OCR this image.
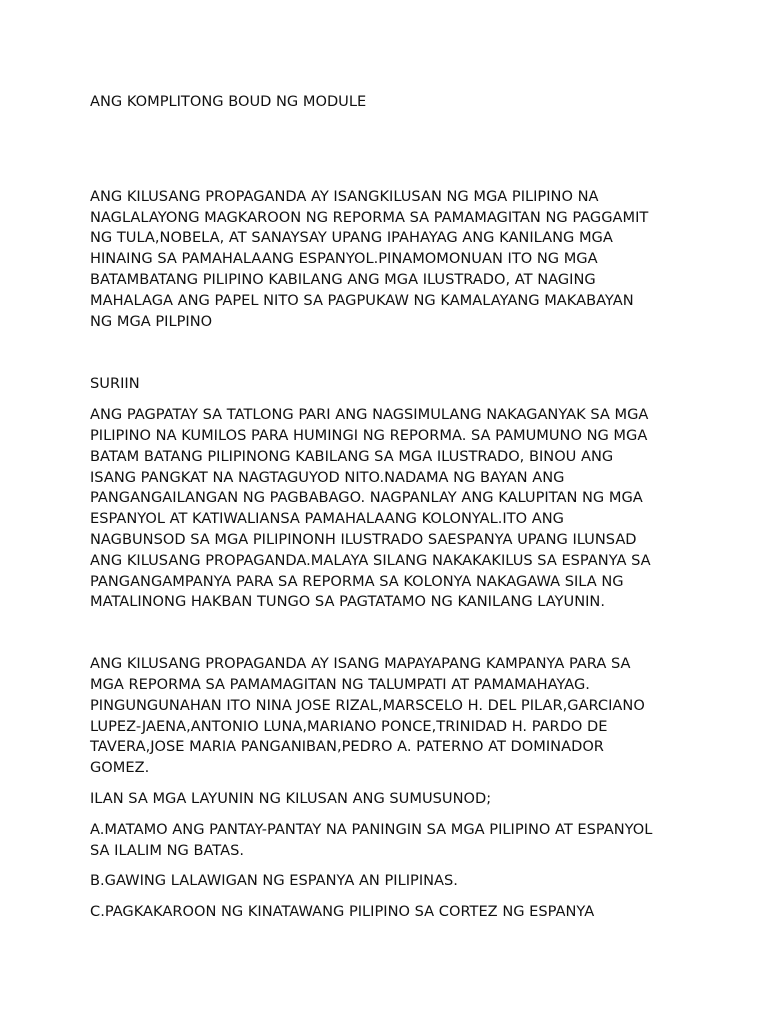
ANG KOMPLITONG BOUD NG MODULE

ANG KILUSANG PROPAGANDA AY ISANGKILUSAN NG MGA PILIPINO NA
NAGLALAYONG MAGKAROON NG REPORMA SA PAMAMAGITAN NG PAGGAMIT
NG TULA,NOBELA, AT SANAYSAY UPANG IPAHAYAG ANG KANILANG MGA
HINAING SA PAMAHALAANG ESPANYOL.PINAMOMONUAN ITO NG MGA
BATAMBATANG PILIPINO KABILANG ANG MGA ILUSTRADO, AT NAGING
MAHALAGA ANG PAPEL NITO SA PAGPUKAW NG KAMALAYANG MAKABAYAN
NG MGA PILPINO

SURIIN

ANG PAGPATAY SA TATLONG PARI ANG NAGSIMULANG NAKAGANYAK SA MGA
PILIPINO NA KUMILOS PARA HUMINGI NG REPORMA. SA PAMUMUNO NG MGA
BATAM BATANG PILIPINONG KABILANG SA MGA ILUSTRADO, BINOU ANG
ISANG PANGKAT NA NAGTAGUYOD NITO.NADAMA NG BAYAN ANG
PANGANGAILANGAN NG PAGBABAGO. NAGPANLAY ANG KALUPITAN NG MGA
ESPANYOL AT KATIWALIANSA PAMAHALAANG KOLONYAL.ITO ANG
NAGBUNSOD SA MGA PILIPINONH ILUSTRADO SAESPANYA UPANG ILUNSAD
ANG KILUSANG PROPAGANDA.MALAYA SILANG NAKAKAKILUS SA ESPANYA SA
PANGANGAMPANYA PARA SA REPORMA SA KOLONYA NAKAGAWA SILA NG
MATALINONG HAKBAN TUNGO SA PAGTATAMO NG KANILANG LAYUNIN.

ANG KILUSANG PROPAGANDA AY ISANG MAPAYAPANG KAMPANYA PARA SA
MGA REPORMA SA PAMAMAGITAN NG TALUMPATI AT PAMAMAHAYAG.
PINGUNGUNAHAN ITO NINA JOSE RIZAL,MARSCELO H. DEL PILAR,GARCIANO
LUPEZ-JAENA,ANTONIO LUNA,MARIANO PONCE,TRINIDAD H. PARDO DE
TAVERA,JOSE MARIA PANGANIBAN,PEDRO A. PATERNO AT DOMINADOR
GOMEZ.

ILAN SA MGA LAYUNIN NG KILUSAN ANG SUMUSUNOD;

A.MATAMO ANG PANTAY-PANTAY NA PANINGIN SA MGA PILIPINO AT ESPANYOL
SA ILALIM NG BATAS.

B.GAWING LALAWIGAN NG ESPANYA AN PILIPINAS.

C.PAGKAKAROON NG KINATAWANG PILIPINO SA CORTEZ NG ESPANYA
